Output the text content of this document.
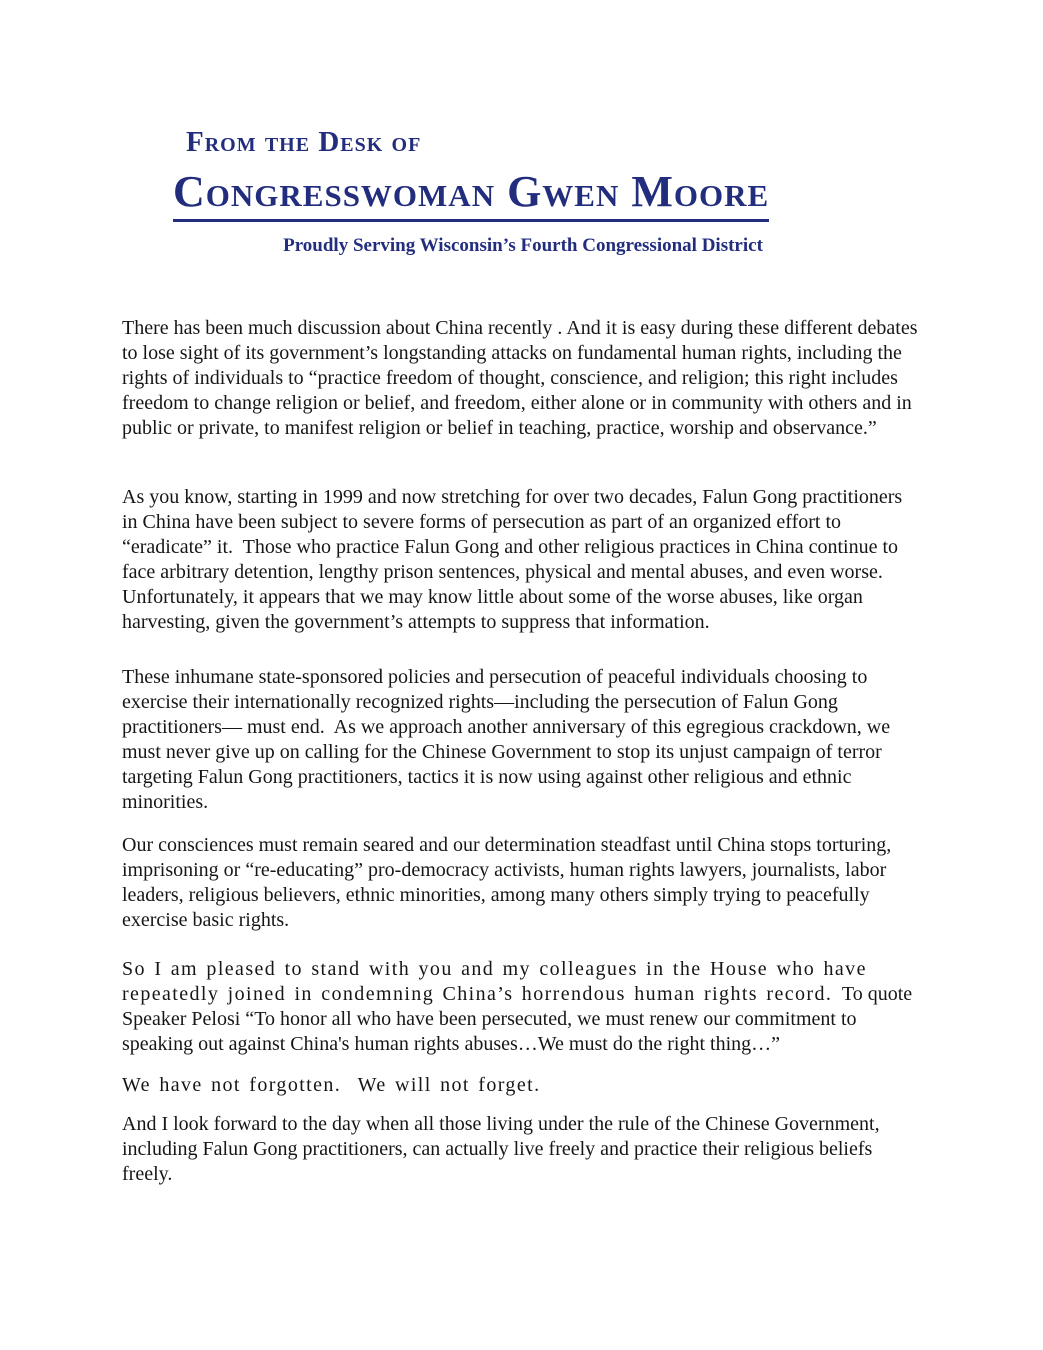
From the Desk of
Congresswoman Gwen Moore
Proudly Serving Wisconsin’s Fourth Congressional District

There has been much discussion about China recently . And it is easy during these different debates to lose sight of its government’s longstanding attacks on fundamental human rights, including the rights of individuals to “practice freedom of thought, conscience, and religion; this right includes freedom to change religion or belief, and freedom, either alone or in community with others and in public or private, to manifest religion or belief in teaching, practice, worship and observance.”

As you know, starting in 1999 and now stretching for over two decades, Falun Gong practitioners in China have been subject to severe forms of persecution as part of an organized effort to “eradicate” it.  Those who practice Falun Gong and other religious practices in China continue to face arbitrary detention, lengthy prison sentences, physical and mental abuses, and even worse.   Unfortunately, it appears that we may know little about some of the worse abuses, like organ harvesting, given the government’s attempts to suppress that information.

These inhumane state-sponsored policies and persecution of peaceful individuals choosing to exercise their internationally recognized rights—including the persecution of Falun Gong practitioners— must end.  As we approach another anniversary of this egregious crackdown, we must never give up on calling for the Chinese Government to stop its unjust campaign of terror targeting Falun Gong practitioners, tactics it is now using against other religious and ethnic minorities.

Our consciences must remain seared and our determination steadfast until China stops torturing, imprisoning or “re-educating” pro-democracy activists, human rights lawyers, journalists, labor leaders, religious believers, ethnic minorities, among many others simply trying to peacefully exercise basic rights.

So I am pleased to stand with you and my colleagues in the House who have repeatedly joined in condemning China’s horrendous human rights record.  To quote Speaker Pelosi “To honor all who have been persecuted, we must renew our commitment to speaking out against China's human rights abuses…We must do the right thing…”

We have not forgotten.  We will not forget.

And I look forward to the day when all those living under the rule of the Chinese Government, including Falun Gong practitioners, can actually live freely and practice their religious beliefs freely.
